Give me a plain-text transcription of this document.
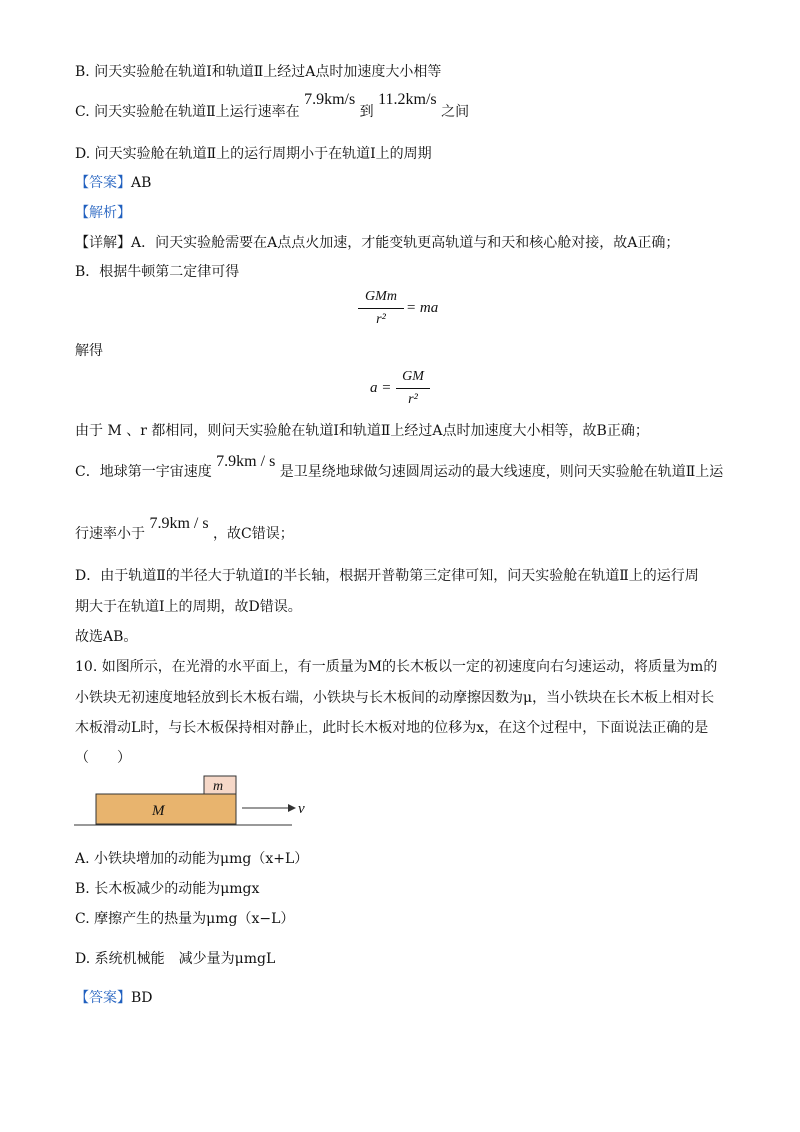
B. 问天实验舱在轨道Ⅰ和轨道Ⅱ上经过A点时加速度大小相等
C. 问天实验舱在轨道Ⅱ上运行速率在 7.9km/s 到 11.2km/s 之间
D. 问天实验舱在轨道Ⅱ上的运行周期小于在轨道Ⅰ上的周期
【答案】AB
【解析】
【详解】A．问天实验舱需要在A点点火加速，才能变轨更高轨道与和天和核心舱对接，故A正确；
B．根据牛顿第二定律可得
GMm
r²
= ma
解得
a =
GM
r²
由于 M 、r 都相同，则问天实验舱在轨道Ⅰ和轨道Ⅱ上经过A点时加速度大小相等，故B正确；
C．地球第一宇宙速度 7.9km / s 是卫星绕地球做匀速圆周运动的最大线速度，则问天实验舱在轨道Ⅱ上运
行速率小于 7.9km / s ，故C错误；
D．由于轨道Ⅱ的半径大于轨道Ⅰ的半长轴，根据开普勒第三定律可知，问天实验舱在轨道Ⅱ上的运行周
期大于在轨道Ⅰ上的周期，故D错误。
故选AB。
10. 如图所示，在光滑的水平面上，有一质量为M的长木板以一定的初速度向右匀速运动，将质量为m的
小铁块无初速度地轻放到长木板右端，小铁块与长木板间的动摩擦因数为μ，当小铁块在长木板上相对长
木板滑动L时，与长木板保持相对静止，此时长木板对地的位移为x，在这个过程中，下面说法正确的是
（　　）
M
m
v
A. 小铁块增加的动能为μmg（x+L）
B. 长木板减少的动能为μmgx
C. 摩擦产生的热量为μmg（x−L）
D. 系统机械能　减少量为μmgL
【答案】BD
